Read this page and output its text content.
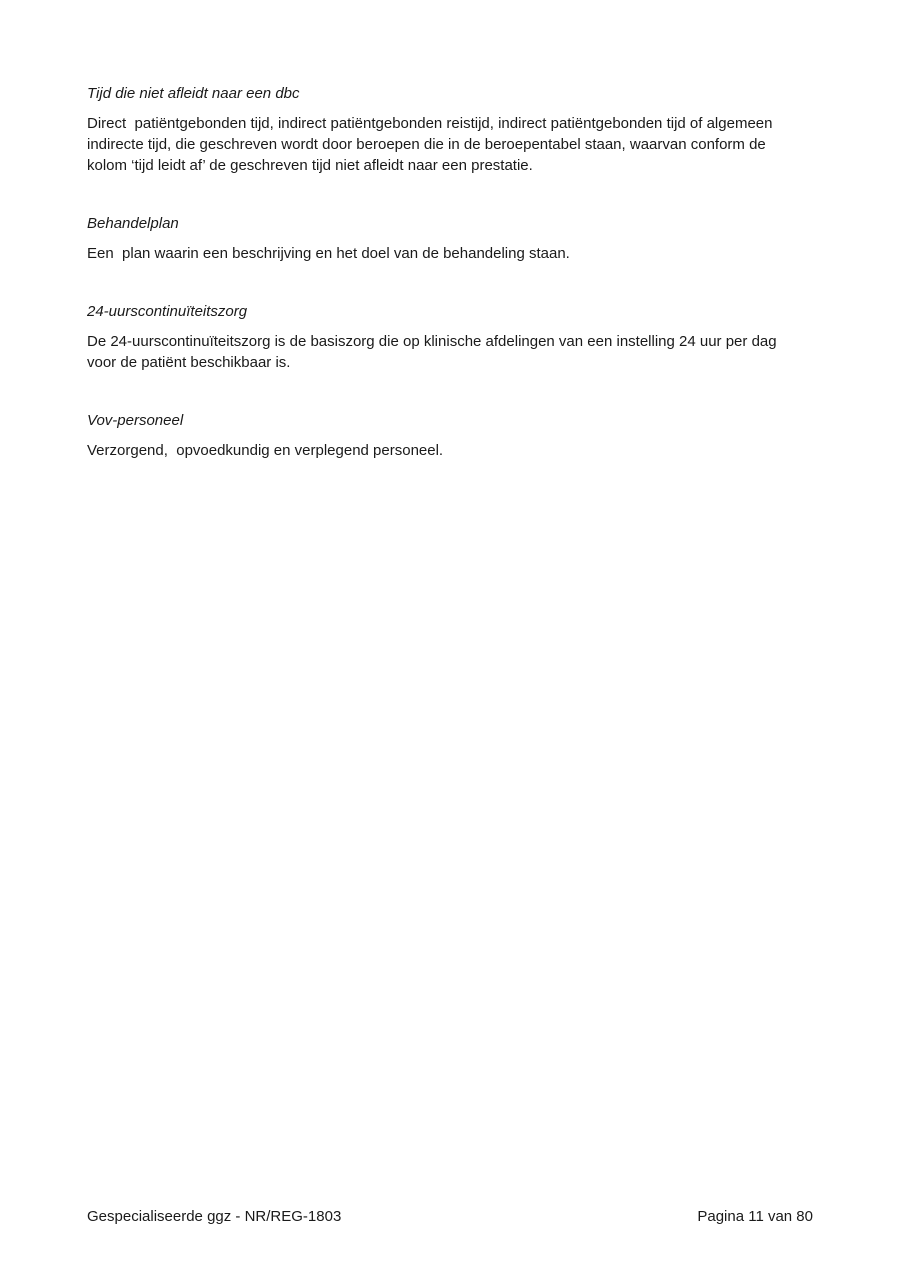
Tijd die niet afleidt naar een dbc

Direct  patiëntgebonden tijd, indirect patiëntgebonden reistijd, indirect patiëntgebonden tijd of algemeen indirecte tijd, die geschreven wordt door beroepen die in de beroepentabel staan, waarvan conform de kolom ‘tijd leidt af’ de geschreven tijd niet afleidt naar een prestatie.

Behandelplan

Een  plan waarin een beschrijving en het doel van de behandeling staan.

24-uurscontinuïteitszorg

De 24-uurscontinuïteitszorg is de basiszorg die op klinische afdelingen van een instelling 24 uur per dag voor de patiënt beschikbaar is.

Vov-personeel

Verzorgend,  opvoedkundig en verplegend personeel.

Gespecialiseerde ggz - NR/REG-1803	Pagina 11 van 80
